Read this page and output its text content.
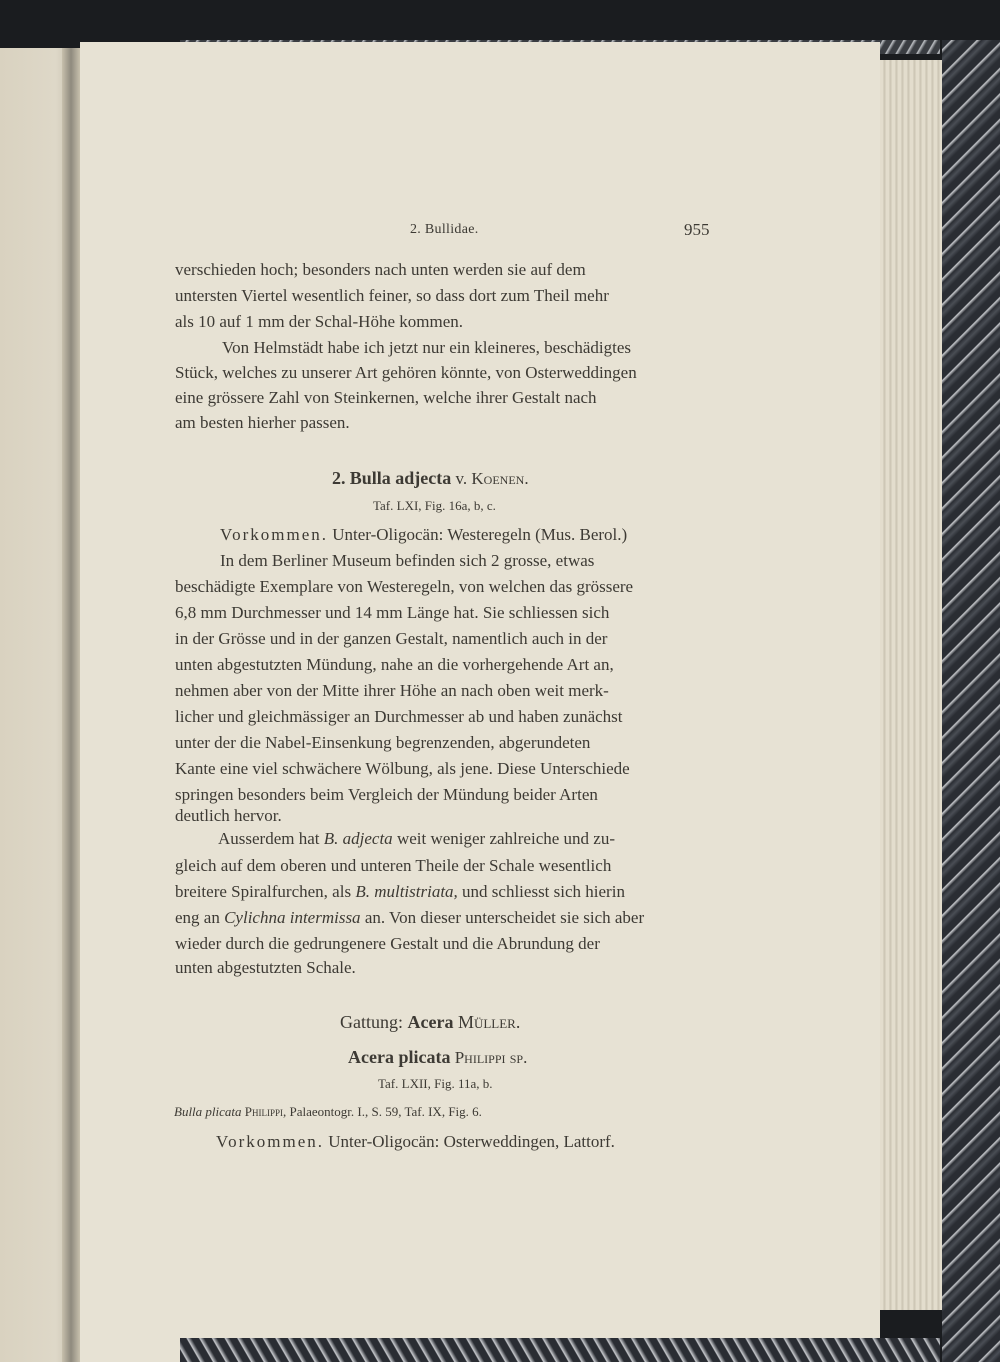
2. Bullidae.	955
verschieden hoch; besonders nach unten werden sie auf dem
untersten Viertel wesentlich feiner, so dass dort zum Theil mehr
als 10 auf 1 mm der Schal-Höhe kommen.
Von Helmstädt habe ich jetzt nur ein kleineres, beschädigtes
Stück, welches zu unserer Art gehören könnte, von Osterweddingen
eine grössere Zahl von Steinkernen, welche ihrer Gestalt nach
am besten hierher passen.
2. Bulla adjecta v. Koenen.
Taf. LXI, Fig. 16a, b, c.
Vorkommen. Unter-Oligocän: Westeregeln (Mus. Berol.)
In dem Berliner Museum befinden sich 2 grosse, etwas
beschädigte Exemplare von Westeregeln, von welchen das grössere
6,8 mm Durchmesser und 14 mm Länge hat. Sie schliessen sich
in der Grösse und in der ganzen Gestalt, namentlich auch in der
unten abgestutzten Mündung, nahe an die vorhergehende Art an,
nehmen aber von der Mitte ihrer Höhe an nach oben weit merk-
licher und gleichmässiger an Durchmesser ab und haben zunächst
unter der die Nabel-Einsenkung begrenzenden, abgerundeten
Kante eine viel schwächere Wölbung, als jene. Diese Unterschiede
springen besonders beim Vergleich der Mündung beider Arten
deutlich hervor.
Ausserdem hat B. adjecta weit weniger zahlreiche und zu-
gleich auf dem oberen und unteren Theile der Schale wesentlich
breitere Spiralfurchen, als B. multistriata, und schliesst sich hierin
eng an Cylichna intermissa an. Von dieser unterscheidet sie sich aber
wieder durch die gedrungenere Gestalt und die Abrundung der
unten abgestutzten Schale.
Gattung: Acera Müller.
Acera plicata Philippi sp.
Taf. LXII, Fig. 11a, b.
Bulla plicata Philippi, Palaeontogr. I., S. 59, Taf. IX, Fig. 6.
Vorkommen. Unter-Oligocän: Osterweddingen, Lattorf.
